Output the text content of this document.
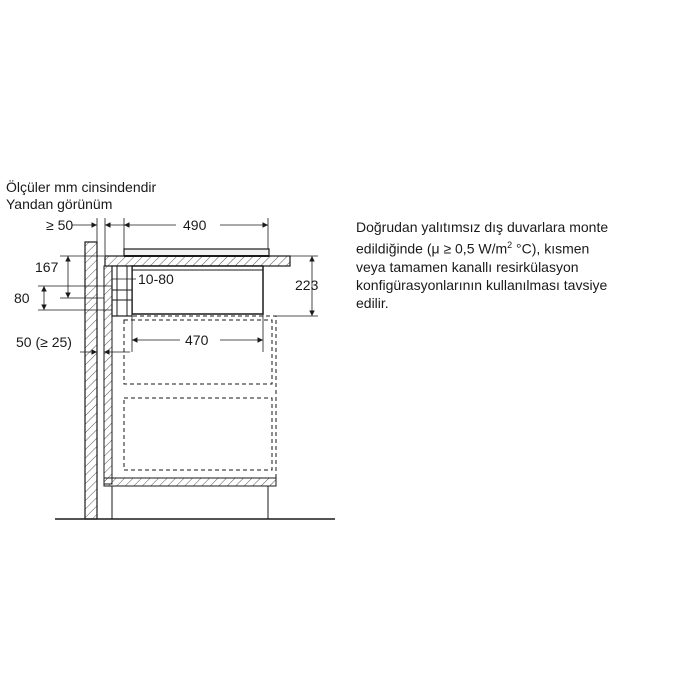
Ölçüler mm cinsindendir
Yandan görünüm
Doğrudan yalıtımsız dış duvarlara monte
edildiğinde (μ ≥ 0,5 $W/m^2$ °C), kısmen
veya tamamen kanallı resirkülasyon
konfigürasyonlarının kullanılması tavsiye
edilir.
≥ 50	490
167
80
10-80	223
470
50 (≥ 25)
